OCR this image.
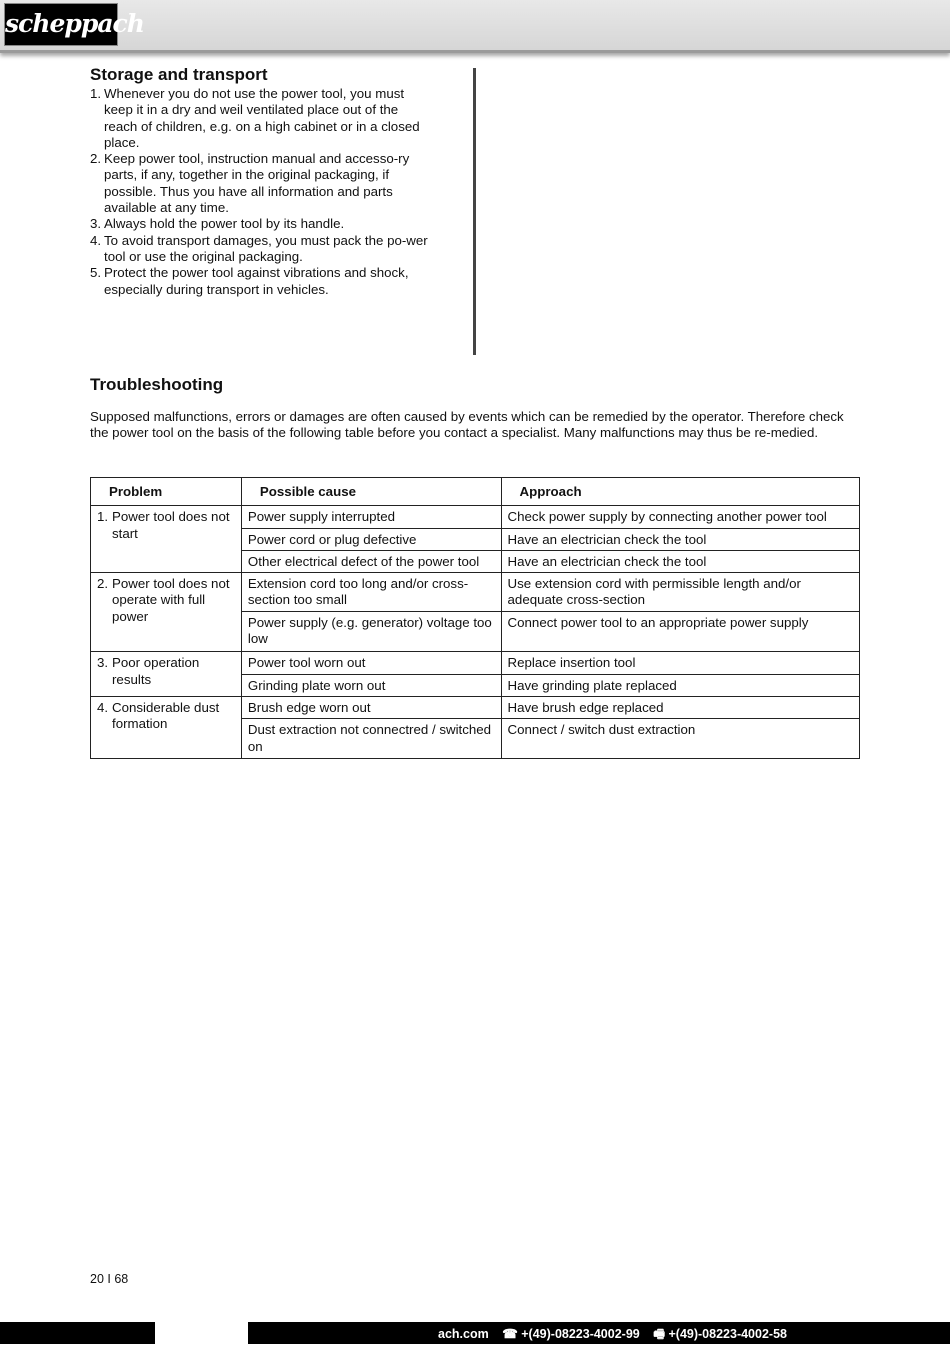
scheppach
Storage and transport
1. Whenever you do not use the power tool, you must keep it in a dry and weil ventilated place out of the reach of children, e.g. on a high cabinet or in a closed place.
2. Keep power tool, instruction manual and accesso-ry parts, if any, together in the original packaging, if possible. Thus you have all information and parts available at any time.
3. Always hold the power tool by its handle.
4. To avoid transport damages, you must pack the po-wer tool or use the original packaging.
5. Protect the power tool against vibrations and shock, especially during transport in vehicles.
Troubleshooting
Supposed malfunctions, errors or damages are often caused by events which can be remedied by the operator. Therefore check the power tool on the basis of the following table before you contact a specialist. Many malfunctions may thus be re-medied.
Problem	Possible cause	Approach

1. Power tool does not start	Power supply interrupted	Check power supply by connecting another power tool
	Power cord or plug defective	Have an electrician check the tool
	Other electrical defect of the power tool	Have an electrician check the tool

2. Power tool does not operate with full power	Extension cord too long and/or cross-section too small	Use extension cord with permissible length and/or adequate cross-section
	Power supply (e.g. generator) voltage too low	Connect power tool to an appropriate power supply

3. Poor operation results	Power tool worn out	Replace insertion tool
	Grinding plate worn out	Have grinding plate replaced

4. Considerable dust formation	Brush edge worn out	Have brush edge replaced
	Dust extraction not connectred / switched on	Connect / switch dust extraction
20 I 68
ach.com ☎ +(49)-08223-4002-99 🖷 +(49)-08223-4002-58
